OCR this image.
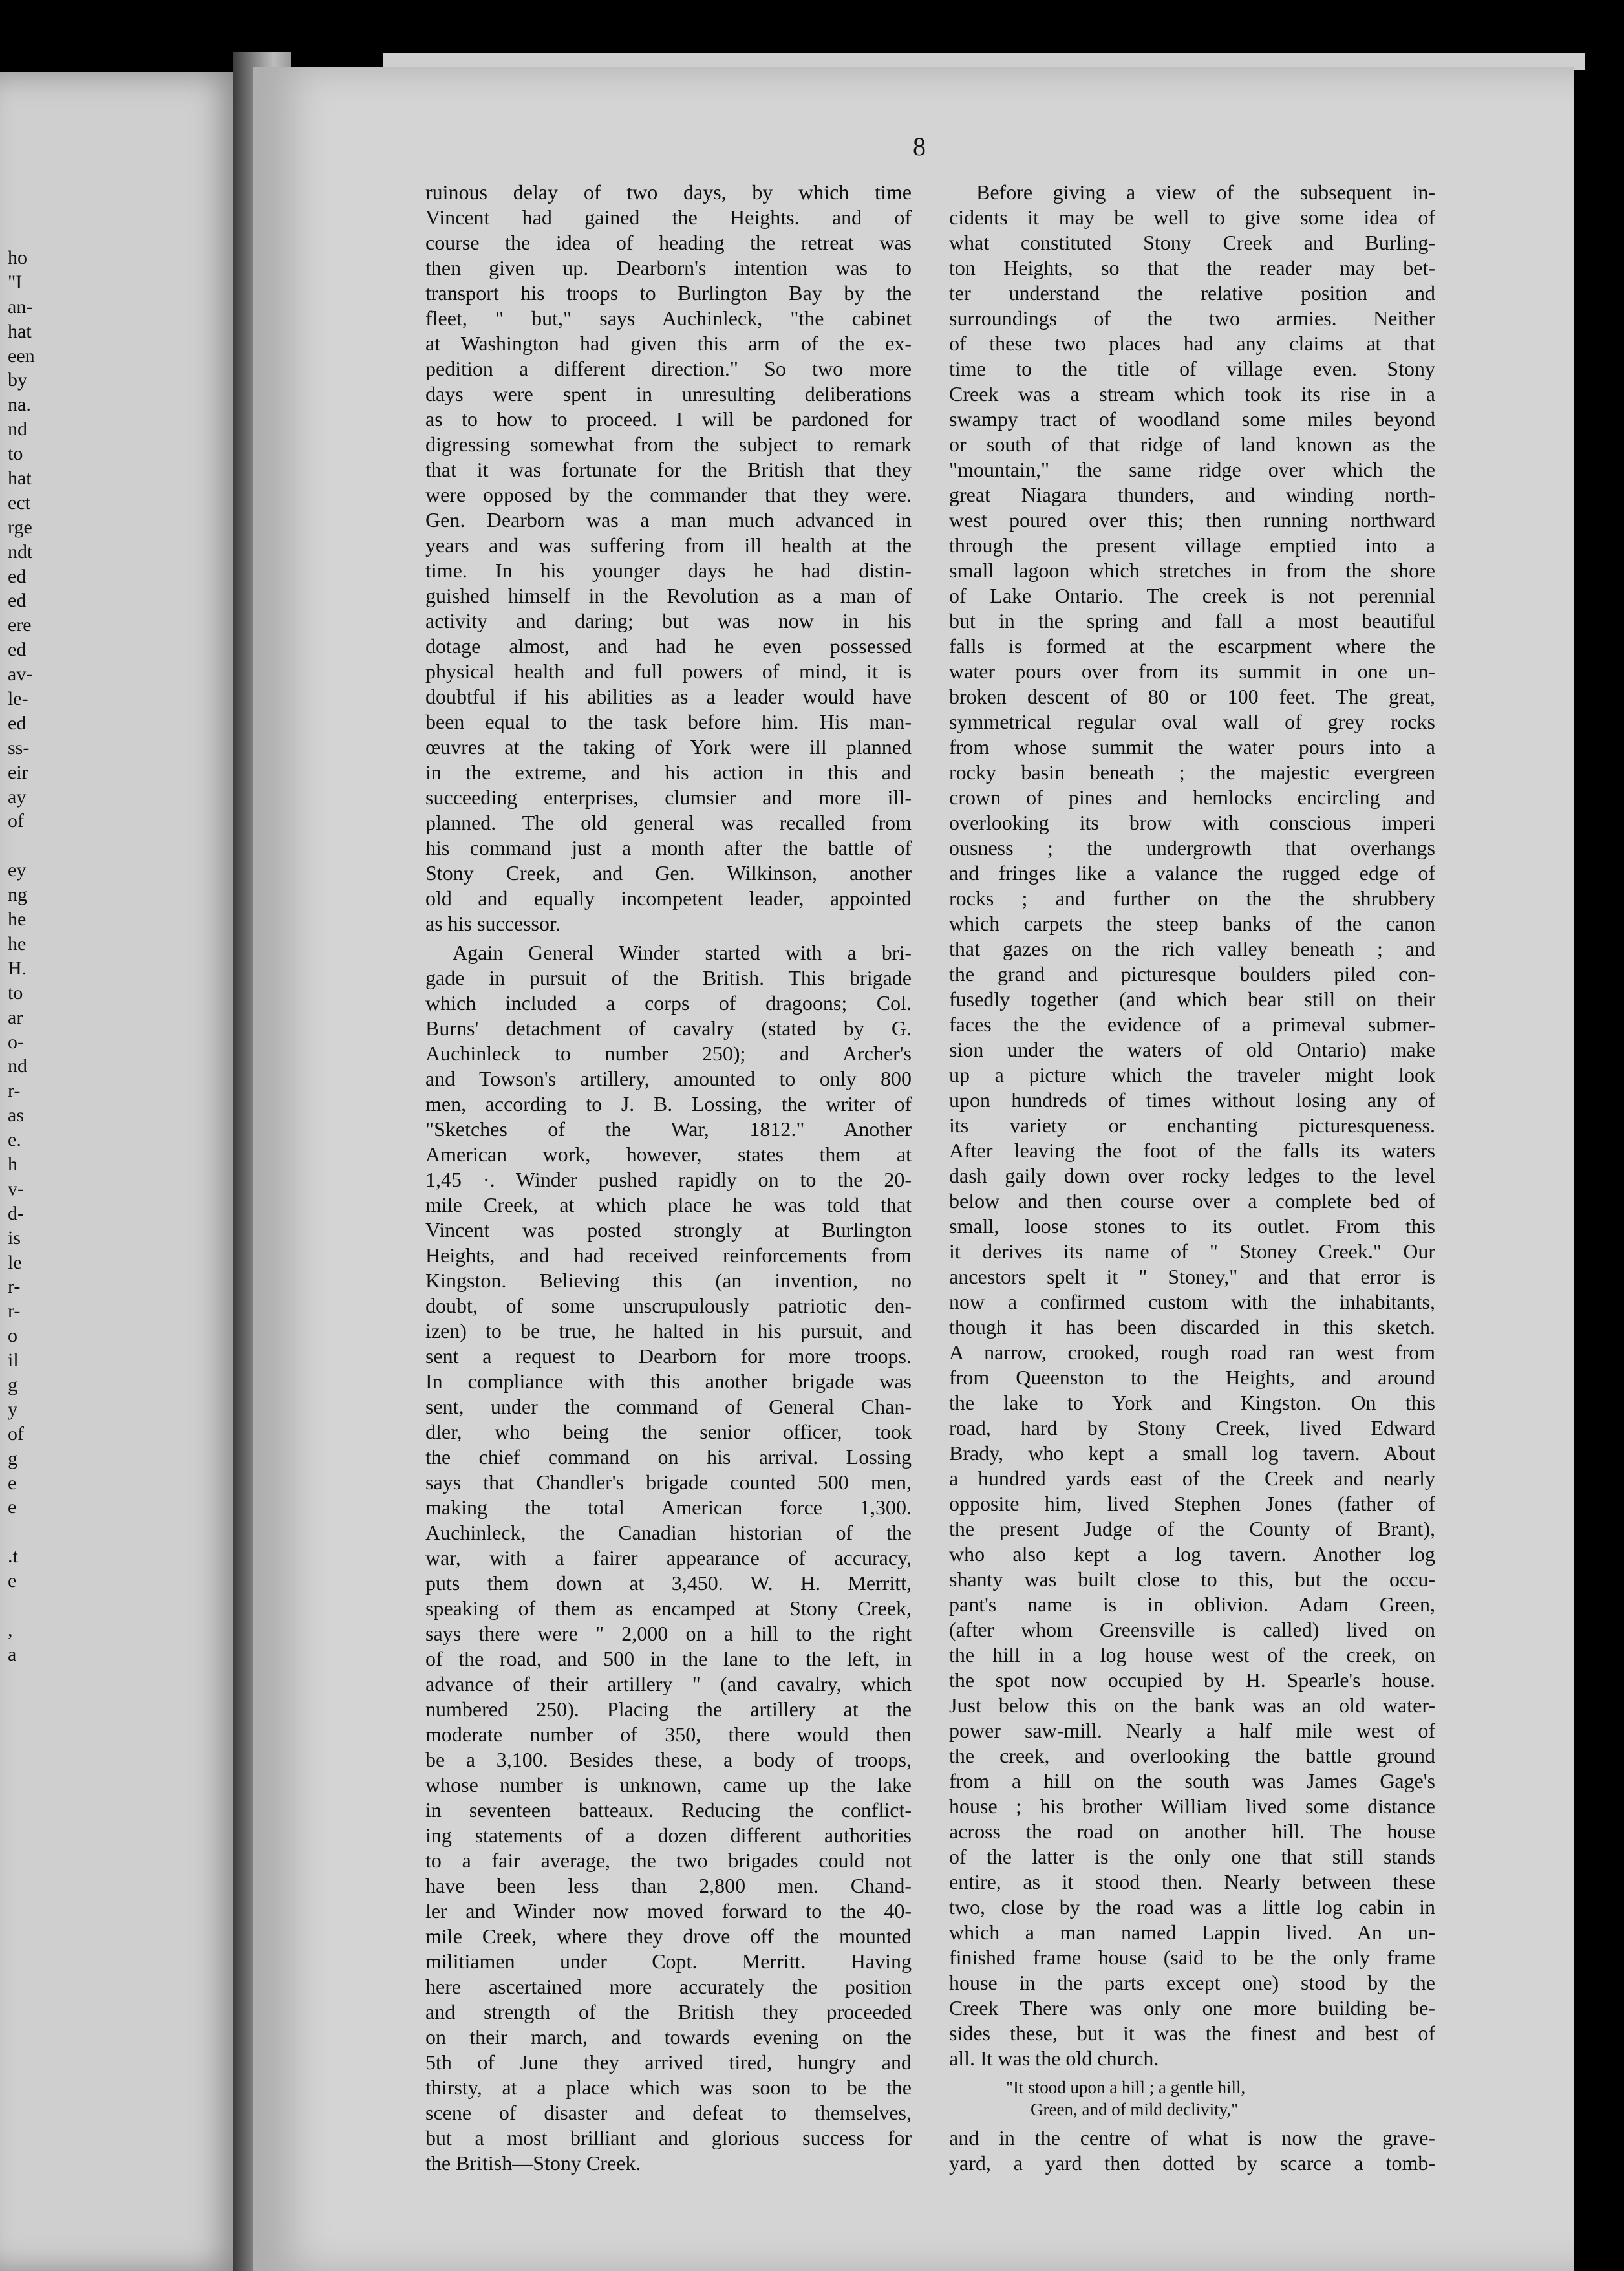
ho
"I
an-
hat
een
by
na.
nd
to
hat
ect
rge
ndt
ed
ed
ere
ed
av-
le-
ed
ss-
eir
ay
of
ey
ng
he
he
H.
to
ar
o-
nd
r-
as
e.
h
v-
d-
is
le
r-
r-
o
il
g
y
of
g
e
e
.t
e
,
a
8
ruinous delay of two days, by which time
Vincent had gained the Heights. and of
course the idea of heading the retreat was
then given up. Dearborn's intention was to
transport his troops to Burlington Bay by the
fleet, " but," says Auchinleck, "the cabinet
at Washington had given this arm of the ex-
pedition a different direction." So two more
days were spent in unresulting deliberations
as to how to proceed. I will be pardoned for
digressing somewhat from the subject to remark
that it was fortunate for the British that they
were opposed by the commander that they were.
Gen. Dearborn was a man much advanced in
years and was suffering from ill health at the
time. In his younger days he had distin-
guished himself in the Revolution as a man of
activity and daring; but was now in his
dotage almost, and had he even possessed
physical health and full powers of mind, it is
doubtful if his abilities as a leader would have
been equal to the task before him. His man-
œuvres at the taking of York were ill planned
in the extreme, and his action in this and
succeeding enterprises, clumsier and more ill-
planned. The old general was recalled from
his command just a month after the battle of
Stony Creek, and Gen. Wilkinson, another
old and equally incompetent leader, appointed
as his successor.
Again General Winder started with a bri-
gade in pursuit of the British. This brigade
which included a corps of dragoons; Col.
Burns' detachment of cavalry (stated by G.
Auchinleck to number 250); and Archer's
and Towson's artillery, amounted to only 800
men, according to J. B. Lossing, the writer of
"Sketches of the War, 1812." Another
American work, however, states them at
1,45 ·. Winder pushed rapidly on to the 20-
mile Creek, at which place he was told that
Vincent was posted strongly at Burlington
Heights, and had received reinforcements from
Kingston. Believing this (an invention, no
doubt, of some unscrupulously patriotic den-
izen) to be true, he halted in his pursuit, and
sent a request to Dearborn for more troops.
In compliance with this another brigade was
sent, under the command of General Chan-
dler, who being the senior officer, took
the chief command on his arrival. Lossing
says that Chandler's brigade counted 500 men,
making the total American force 1,300.
Auchinleck, the Canadian historian of the
war, with a fairer appearance of accuracy,
puts them down at 3,450. W. H. Merritt,
speaking of them as encamped at Stony Creek,
says there were " 2,000 on a hill to the right
of the road, and 500 in the lane to the left, in
advance of their artillery " (and cavalry, which
numbered 250). Placing the artillery at the
moderate number of 350, there would then
be a 3,100. Besides these, a body of troops,
whose number is unknown, came up the lake
in seventeen batteaux. Reducing the conflict-
ing statements of a dozen different authorities
to a fair average, the two brigades could not
have been less than 2,800 men. Chand-
ler and Winder now moved forward to the 40-
mile Creek, where they drove off the mounted
militiamen under Copt. Merritt. Having
here ascertained more accurately the position
and strength of the British they proceeded
on their march, and towards evening on the
5th of June they arrived tired, hungry and
thirsty, at a place which was soon to be the
scene of disaster and defeat to themselves,
but a most brilliant and glorious success for
the British—Stony Creek.
Before giving a view of the subsequent in-
cidents it may be well to give some idea of
what constituted Stony Creek and Burling-
ton Heights, so that the reader may bet-
ter understand the relative position and
surroundings of the two armies. Neither
of these two places had any claims at that
time to the title of village even. Stony
Creek was a stream which took its rise in a
swampy tract of woodland some miles beyond
or south of that ridge of land known as the
"mountain," the same ridge over which the
great Niagara thunders, and winding north-
west poured over this; then running northward
through the present village emptied into a
small lagoon which stretches in from the shore
of Lake Ontario. The creek is not perennial
but in the spring and fall a most beautiful
falls is formed at the escarpment where the
water pours over from its summit in one un-
broken descent of 80 or 100 feet. The great,
symmetrical regular oval wall of grey rocks
from whose summit the water pours into a
rocky basin beneath ; the majestic evergreen
crown of pines and hemlocks encircling and
overlooking its brow with conscious imperi
ousness ; the undergrowth that overhangs
and fringes like a valance the rugged edge of
rocks ; and further on the the shrubbery
which carpets the steep banks of the canon
that gazes on the rich valley beneath ; and
the grand and picturesque boulders piled con-
fusedly together (and which bear still on their
faces the the evidence of a primeval submer-
sion under the waters of old Ontario) make
up a picture which the traveler might look
upon hundreds of times without losing any of
its variety or enchanting picturesqueness.
After leaving the foot of the falls its waters
dash gaily down over rocky ledges to the level
below and then course over a complete bed of
small, loose stones to its outlet. From this
it derives its name of " Stoney Creek." Our
ancestors spelt it " Stoney," and that error is
now a confirmed custom with the inhabitants,
though it has been discarded in this sketch.
A narrow, crooked, rough road ran west from
from Queenston to the Heights, and around
the lake to York and Kingston. On this
road, hard by Stony Creek, lived Edward
Brady, who kept a small log tavern. About
a hundred yards east of the Creek and nearly
opposite him, lived Stephen Jones (father of
the present Judge of the County of Brant),
who also kept a log tavern. Another log
shanty was built close to this, but the occu-
pant's name is in oblivion. Adam Green,
(after whom Greensville is called) lived on
the hill in a log house west of the creek, on
the spot now occupied by H. Spearle's house.
Just below this on the bank was an old water-
power saw-mill. Nearly a half mile west of
the creek, and overlooking the battle ground
from a hill on the south was James Gage's
house ; his brother William lived some distance
across the road on another hill. The house
of the latter is the only one that still stands
entire, as it stood then. Nearly between these
two, close by the road was a little log cabin in
which a man named Lappin lived. An un-
finished frame house (said to be the only frame
house in the parts except one) stood by the
Creek There was only one more building be-
sides these, but it was the finest and best of
all. It was the old church.
"It stood upon a hill ; a gentle hill,
Green, and of mild declivity,"
and in the centre of what is now the grave-
yard, a yard then dotted by scarce a tomb-
